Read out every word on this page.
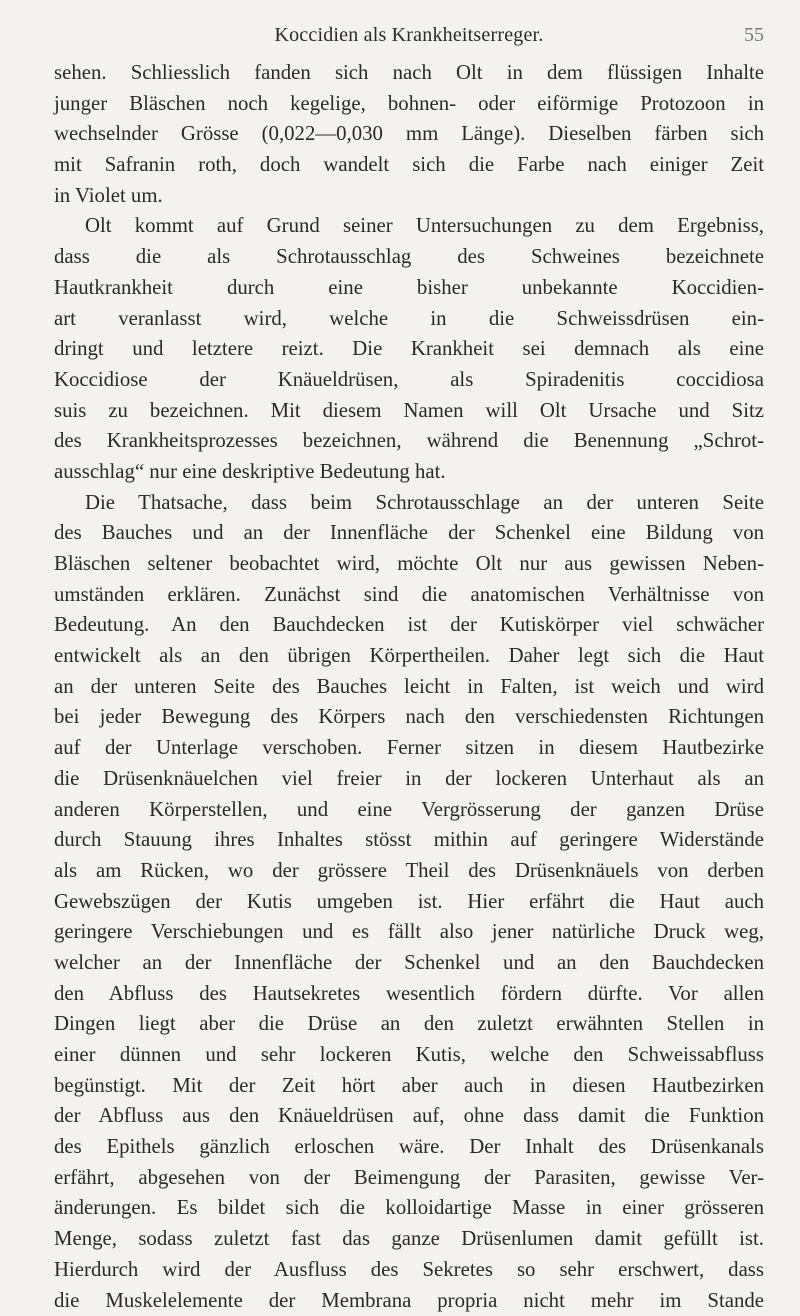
Koccidien als Krankheitserreger.	55
sehen. Schliesslich fanden sich nach Olt in dem flüssigen Inhalte
junger Bläschen noch kegelige, bohnen- oder eiförmige Protozoon in
wechselnder Grösse (0,022—0,030 mm Länge). Dieselben färben sich
mit Safranin roth, doch wandelt sich die Farbe nach einiger Zeit
in Violet um.
Olt kommt auf Grund seiner Untersuchungen zu dem Ergebniss,
dass die als Schrotausschlag des Schweines bezeichnete
Hautkrankheit durch eine bisher unbekannte Koccidien-
art veranlasst wird, welche in die Schweissdrüsen ein-
dringt und letztere reizt. Die Krankheit sei demnach als eine
Koccidiose der Knäueldrüsen, als Spiradenitis coccidiosa
suis zu bezeichnen. Mit diesem Namen will Olt Ursache und Sitz
des Krankheitsprozesses bezeichnen, während die Benennung „Schrot-
ausschlag“ nur eine deskriptive Bedeutung hat.
Die Thatsache, dass beim Schrotausschlage an der unteren Seite
des Bauches und an der Innenfläche der Schenkel eine Bildung von
Bläschen seltener beobachtet wird, möchte Olt nur aus gewissen Neben-
umständen erklären. Zunächst sind die anatomischen Verhältnisse von
Bedeutung. An den Bauchdecken ist der Kutiskörper viel schwächer
entwickelt als an den übrigen Körpertheilen. Daher legt sich die Haut
an der unteren Seite des Bauches leicht in Falten, ist weich und wird
bei jeder Bewegung des Körpers nach den verschiedensten Richtungen
auf der Unterlage verschoben. Ferner sitzen in diesem Hautbezirke
die Drüsenknäuelchen viel freier in der lockeren Unterhaut als an
anderen Körperstellen, und eine Vergrösserung der ganzen Drüse
durch Stauung ihres Inhaltes stösst mithin auf geringere Widerstände
als am Rücken, wo der grössere Theil des Drüsenknäuels von derben
Gewebszügen der Kutis umgeben ist. Hier erfährt die Haut auch
geringere Verschiebungen und es fällt also jener natürliche Druck weg,
welcher an der Innenfläche der Schenkel und an den Bauchdecken
den Abfluss des Hautsekretes wesentlich fördern dürfte. Vor allen
Dingen liegt aber die Drüse an den zuletzt erwähnten Stellen in
einer dünnen und sehr lockeren Kutis, welche den Schweissabfluss
begünstigt. Mit der Zeit hört aber auch in diesen Hautbezirken
der Abfluss aus den Knäueldrüsen auf, ohne dass damit die Funktion
des Epithels gänzlich erloschen wäre. Der Inhalt des Drüsenkanals
erfährt, abgesehen von der Beimengung der Parasiten, gewisse Ver-
änderungen. Es bildet sich die kolloidartige Masse in einer grösseren
Menge, sodass zuletzt fast das ganze Drüsenlumen damit gefüllt ist.
Hierdurch wird der Ausfluss des Sekretes so sehr erschwert, dass
die Muskelelemente der Membrana propria nicht mehr im Stande
